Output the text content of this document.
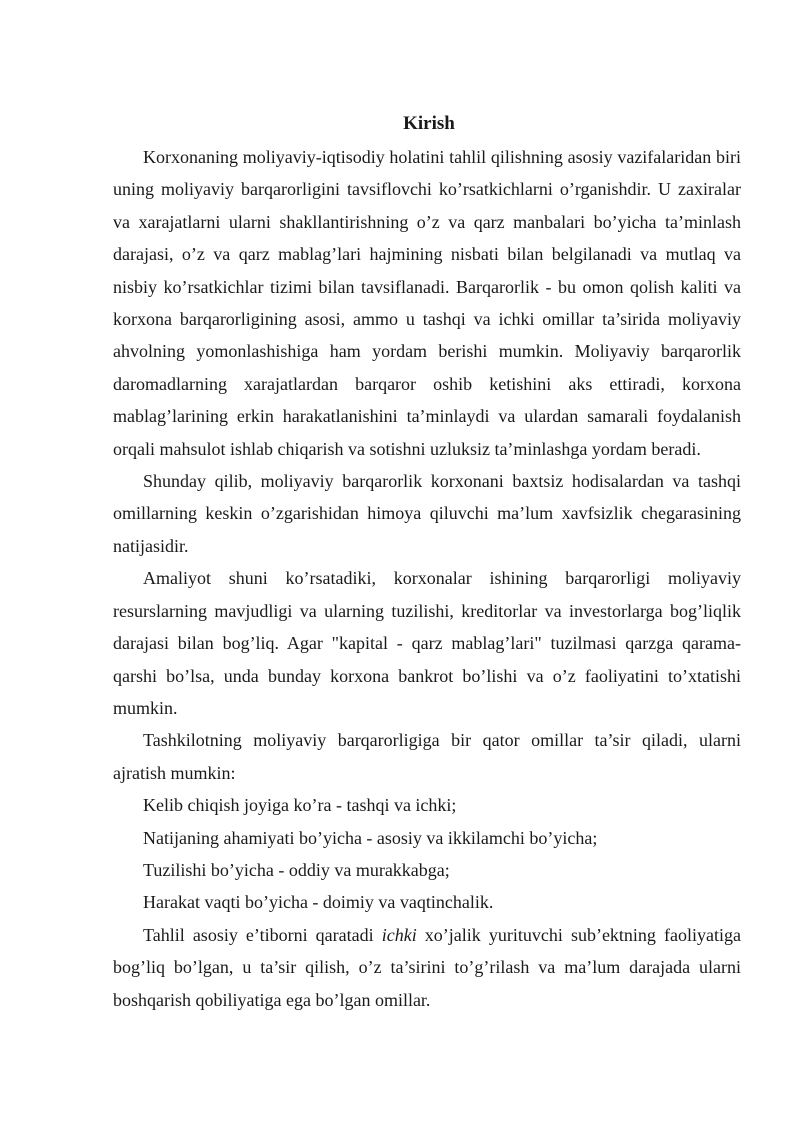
Kirish

Korxonaning moliyaviy-iqtisodiy holatini tahlil qilishning asosiy vazifalaridan biri uning moliyaviy barqarorligini tavsiflovchi ko’rsatkichlarni o’rganishdir. U zaxiralar va xarajatlarni ularni shakllantirishning o’z va qarz manbalari bo’yicha ta’minlash darajasi, o’z va qarz mablag’lari hajmining nisbati bilan belgilanadi va mutlaq va nisbiy ko’rsatkichlar tizimi bilan tavsiflanadi. Barqarorlik - bu omon qolish kaliti va korxona barqarorligining asosi, ammo u tashqi va ichki omillar ta’sirida moliyaviy ahvolning yomonlashishiga ham yordam berishi mumkin. Moliyaviy barqarorlik daromadlarning xarajatlardan barqaror oshib ketishini aks ettiradi, korxona mablag’larining erkin harakatlanishini ta’minlaydi va ulardan samarali foydalanish orqali mahsulot ishlab chiqarish va sotishni uzluksiz ta’minlashga yordam beradi.

Shunday qilib, moliyaviy barqarorlik korxonani baxtsiz hodisalardan va tashqi omillarning keskin o’zgarishidan himoya qiluvchi ma’lum xavfsizlik chegarasining natijasidir.

Amaliyot shuni ko’rsatadiki, korxonalar ishining barqarorligi moliyaviy resurslarning mavjudligi va ularning tuzilishi, kreditorlar va investorlarga bog’liqlik darajasi bilan bog’liq. Agar "kapital - qarz mablag’lari" tuzilmasi qarzga qarama-qarshi bo’lsa, unda bunday korxona bankrot bo’lishi va o’z faoliyatini to’xtatishi mumkin.

Tashkilotning moliyaviy barqarorligiga bir qator omillar ta’sir qiladi, ularni ajratish mumkin:

Kelib chiqish joyiga ko’ra - tashqi va ichki;

Natijaning ahamiyati bo’yicha - asosiy va ikkilamchi bo’yicha;

Tuzilishi bo’yicha - oddiy va murakkabga;

Harakat vaqti bo’yicha - doimiy va vaqtinchalik.

Tahlil asosiy e’tiborni qaratadi ichki xo’jalik yurituvchi sub’ektning faoliyatiga bog’liq bo’lgan, u ta’sir qilish, o’z ta’sirini to’g’rilash va ma’lum darajada ularni boshqarish qobiliyatiga ega bo’lgan omillar.
